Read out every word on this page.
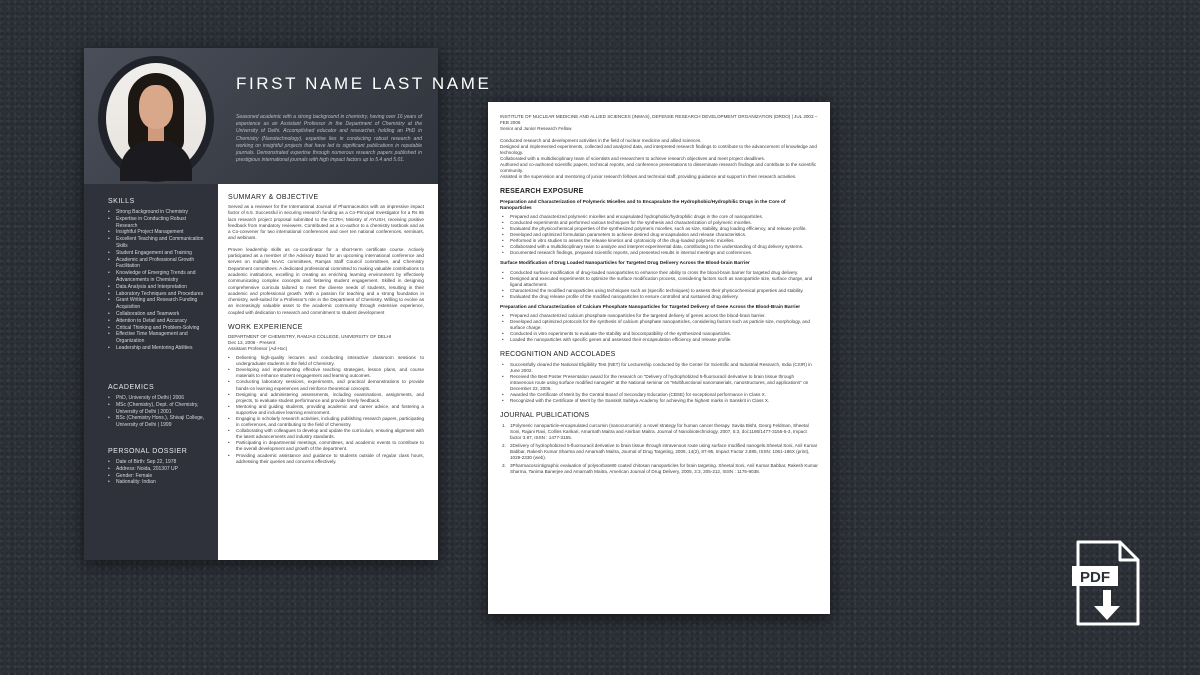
FIRST NAME LAST NAME
Seasoned academic with a strong background in chemistry, having over 16 years of experience as an Assistant Professor in the Department of Chemistry at the University of Delhi. Accomplished educator and researcher, holding an PhD in Chemistry (Nanotechnology), expertise lies in conducting robust research and working on insightful projects that have led to significant publications in reputable journals. Demonstrated expertise through numerous research papers published in prestigious international journals with high impact factors up to 5.4 and 5.01.
SKILLS
• Strong Background in Chemistry
• Expertise in Conducting Robust Research
• Insightful Project Management
• Excellent Teaching and Communication Skills
• Student Engagement and Training
• Academic and Professional Growth Facilitation
• Knowledge of Emerging Trends and Advancements in Chemistry
• Data Analysis and Interpretation
• Laboratory Techniques and Procedures
• Grant Writing and Research Funding Acquisition
• Collaboration and Teamwork
• Attention to Detail and Accuracy
• Critical Thinking and Problem-Solving
• Effective Time Management and Organization
• Leadership and Mentoring Abilities
ACADEMICS
• PhD, University of Delhi | 2006
• MSc (Chemistry), Dept. of Chemistry, University of Delhi | 2001
• BSc (Chemistry Hons.), Shivaji College, University of Delhi | 1999
PERSONAL DOSSIER
• Date of Birth: Sep 22, 1978
• Address: Noida, 201307 UP
• Gender: Female
• Nationality: Indian
SUMMARY & OBJECTIVE

Served as a reviewer for the International Journal of Pharmaceutics with an impressive impact factor of 6.5. Successful in securing research funding as a Co-Principal Investigator for a Rs 65 lacs research project proposal submitted to the CCRH, Ministry of AYUSH, receiving positive feedback from mandatory reviewers. Contributed as a co-author to a chemistry textbook and as a Co-convener for two international conferences and over ten national conferences, seminars, and webinars.

Proven leadership skills as co-coordinator for a short-term certificate course. Actively participated as a member of the Advisory Board for an upcoming international conference and serves on multiple NAAC committees, Ramjas Staff Council committees, and Chemistry Department committees. A dedicated professional committed to making valuable contributions to academic institutions, excelling in creating an enriching learning environment by effectively communicating complex concepts and fostering student engagement. Skilled in designing comprehensive curricula tailored to meet the diverse needs of students, resulting in their academic and professional growth. With a passion for teaching and a strong foundation in chemistry, well-suited for a Professor's role in the Department of Chemistry. Willing to evolve as an increasingly valuable asset to the academic community through extensive experience, coupled with dedication to research and commitment to student development

WORK EXPERIENCE
DEPARTMENT OF CHEMISTRY, RAMJAS COLLEGE, UNIVERSITY OF DELHI
Dec 13, 2006 - Present
Assistant Professor (Ad-Hoc)
• Delivering high-quality lectures and conducting interactive classroom sessions to undergraduate students in the field of Chemistry.
• Developing and implementing effective teaching strategies, lesson plans, and course materials to enhance student engagement and learning outcomes.
• Conducting laboratory sessions, experiments, and practical demonstrations to provide hands-on learning experiences and reinforce theoretical concepts.
• Designing and administering assessments, including examinations, assignments, and projects, to evaluate student performance and provide timely feedback.
• Mentoring and guiding students, providing academic and career advice, and fostering a supportive and inclusive learning environment.
• Engaging in scholarly research activities, including publishing research papers, participating in conferences, and contributing to the field of Chemistry.
• Collaborating with colleagues to develop and update the curriculum, ensuring alignment with the latest advancements and industry standards.
• Participating in departmental meetings, committees, and academic events to contribute to the overall development and growth of the department.
• Providing academic assistance and guidance to students outside of regular class hours, addressing their queries and concerns effectively.
INSTITUTE OF NUCLEAR MEDICINE AND ALLIED SCIENCES (INMAS), DEFENSE RESEARCH DEVELOPMENT ORGANIZATION (DRDO) | JUL 2003 – FEB 2006
Senior and Junior Research Fellow

Conducted research and development activities in the field of nuclear medicine and allied sciences.

Designed and implemented experiments, collected and analyzed data, and interpreted research findings to contribute to the advancement of knowledge and technology.

Collaborated with a multidisciplinary team of scientists and researchers to achieve research objectives and meet project deadlines.

Authored and co-authored scientific papers, technical reports, and conference presentations to disseminate research findings and contribute to the scientific community.

Assisted in the supervision and mentoring of junior research fellows and technical staff, providing guidance and support in their research activities.

RESEARCH EXPOSURE
Preparation and Characterization of Polymeric Micelles and to Encapsulate the Hydrophobic/Hydrophilic Drugs in the Core of Nanoparticles
• Prepared and characterized polymeric micelles and encapsulated hydrophobic/hydrophilic drugs in the core of nanoparticles.
• Conducted experiments and performed various techniques for the synthesis and characterization of polymeric micelles.
• Evaluated the physicochemical properties of the synthesized polymeric micelles, such as size, stability, drug loading efficiency, and release profile.
• Developed and optimized formulation parameters to achieve desired drug encapsulation and release characteristics.
• Performed in vitro studies to assess the release kinetics and cytotoxicity of the drug-loaded polymeric micelles.
• Collaborated with a multidisciplinary team to analyze and interpret experimental data, contributing to the understanding of drug delivery systems.
• Documented research findings, prepared scientific reports, and presented results in internal meetings and conferences.
Surface Modification of Drug Loaded Nanoparticles for Targeted Drug Delivery Across the Blood-brain Barrier
• Conducted surface modification of drug-loaded nanoparticles to enhance their ability to cross the blood-brain barrier for targeted drug delivery.
• Designed and executed experiments to optimize the surface modification process, considering factors such as nanoparticle size, surface charge, and ligand attachment.
• Characterized the modified nanoparticles using techniques such as (specific techniques) to assess their physicochemical properties and stability.
• Evaluated the drug release profile of the modified nanoparticles to ensure controlled and sustained drug delivery.
Preparation and Characterization of Calcium Phosphate Nanoparticles for Targeted Delivery of Gene Across the Blood-Brain Barrier
• Prepared and characterized calcium phosphate nanoparticles for the targeted delivery of genes across the blood-brain barrier.
• Developed and optimized protocols for the synthesis of calcium phosphate nanoparticles, considering factors such as particle size, morphology, and surface charge.
• Conducted in vitro experiments to evaluate the stability and biocompatibility of the synthesized nanoparticles.
• Loaded the nanoparticles with specific genes and assessed their encapsulation efficiency and release profile.
RECOGNITION AND ACCOLADES
• Successfully cleared the National Eligibility Test (NET) for Lectureship conducted by the Center for Scientific and Industrial Research, India (CSIR) in June 2002.
• Received the Best Poster Presentation award for the research on "Delivery of hydrophobized 5-fluorouracil derivative to brain tissue through intravenous route using surface modified nanogels" at the National seminar on "Multifunctional nanomaterials, nanostructures, and applications" on December 23, 2006.
• Awarded the Certificate of Merit by the Central Board of Secondary Education (CBSE) for exceptional performance in Class X.
• Recognized with the Certificate of Merit by the Sanskrit Sahitya Academy for achieving the highest marks in Sanskrit in Class X.
JOURNAL PUBLICATIONS
1. 1Polymeric nanoparticle-encapsulated curcumin (nanocurcumin): a novel strategy for human cancer therapy. Savita Bisht, Georg Feldman, Sheetal Soni, Rajani Ravi, Collins Karikari, Amarnath Maitra and Anirban Maitra. Journal of Nanobiotechnology, 2007, 5:3, doi:1186/1477-3155-5-3, Impact factor 3.87, ISSN : 1477-3155.
2. 2Delivery of hydrophobized 5-fluorouracil derivative to brain tissue through intravenous route using surface modified nanogels.Sheetal Soni, Anil Kumar Babbar, Rakesh Kumar Sharma and Amarnath Maitra, Journal of Drug Targeting, 2006, 14(2), 87-95, Impact Factor 2.885, ISSN: 1061-186X (print), 1029-2330 (web).
3. 3Pharmacoscintigraphic evaluation of polysorbate80 coated chitosan nanoparticles for brain targeting. Sheetal Soni, Anil Kumar Babbar, Rakesh Kumar Sharma, Tanima Banerjee and Amarnath Maitra, American Journal of Drug Delivery, 2005, 3:3, 205-212, ISSN : 1175-9038.
PDF
